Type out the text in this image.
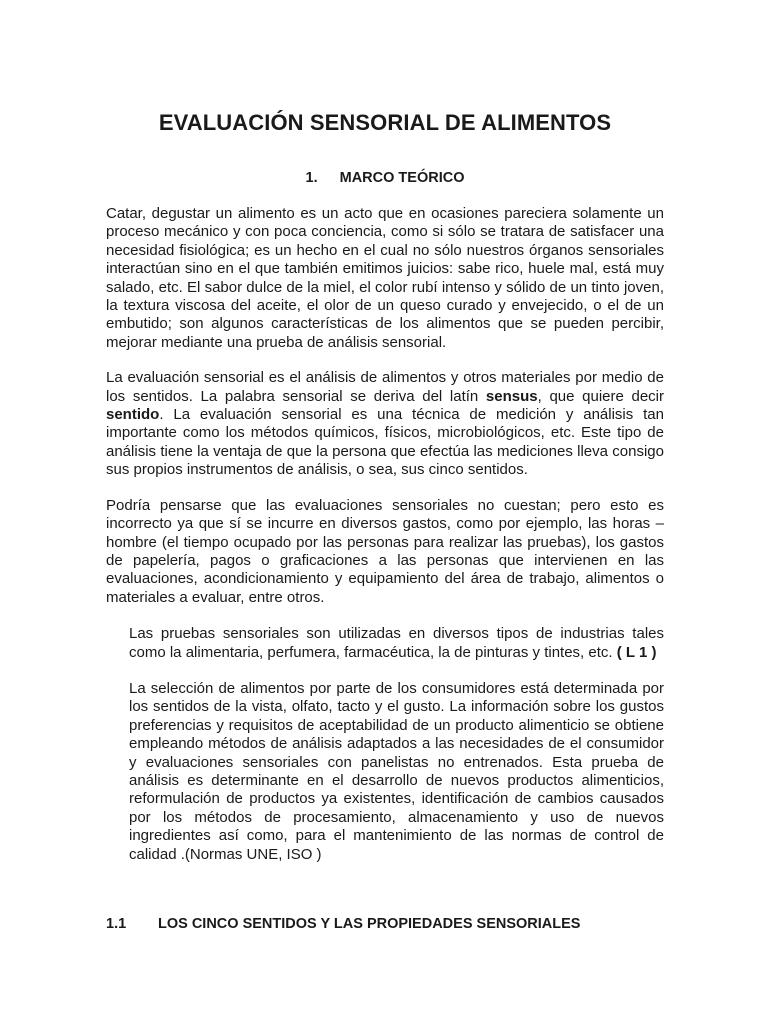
EVALUACIÓN SENSORIAL DE ALIMENTOS
1. MARCO TEÓRICO

Catar, degustar un alimento es un acto que en ocasiones pareciera solamente un proceso mecánico y con poca conciencia, como si sólo se tratara de satisfacer una necesidad fisiológica; es un hecho en el cual no sólo nuestros órganos sensoriales interactúan sino en el que también emitimos juicios: sabe rico, huele mal, está muy salado, etc. El sabor dulce de la miel, el color rubí intenso y sólido de un tinto joven, la textura viscosa del aceite, el olor de un queso curado y envejecido, o el de un embutido; son algunos características de los alimentos que se pueden percibir, mejorar mediante una prueba de análisis sensorial.

La evaluación sensorial es el análisis de alimentos y otros materiales por medio de los sentidos. La palabra sensorial se deriva del latín sensus, que quiere decir sentido. La evaluación sensorial es una técnica de medición y análisis tan importante como los métodos químicos, físicos, microbiológicos, etc. Este tipo de análisis tiene la ventaja de que la persona que efectúa las mediciones lleva consigo sus propios instrumentos de análisis, o sea, sus cinco sentidos.

Podría pensarse que las evaluaciones sensoriales no cuestan; pero esto es incorrecto ya que sí se incurre en diversos gastos, como por ejemplo, las horas – hombre (el tiempo ocupado por las personas para realizar las pruebas), los gastos de papelería, pagos o graficaciones a las personas que intervienen en las evaluaciones, acondicionamiento y equipamiento del área de trabajo, alimentos o materiales a evaluar, entre otros.

Las pruebas sensoriales son utilizadas en diversos tipos de industrias tales como la alimentaria, perfumera, farmacéutica, la de pinturas y tintes, etc. ( L 1 )

La selección de alimentos por parte de los consumidores está determinada por los sentidos de la vista, olfato, tacto y el gusto. La información sobre los gustos preferencias y requisitos de aceptabilidad de un producto alimenticio se obtiene empleando métodos de análisis adaptados a las necesidades de el consumidor y evaluaciones sensoriales con panelistas no entrenados. Esta prueba de análisis es determinante en el desarrollo de nuevos productos alimenticios, reformulación de productos ya existentes, identificación de cambios causados por los métodos de procesamiento, almacenamiento y uso de nuevos ingredientes así como, para el mantenimiento de las normas de control de calidad .(Normas UNE, ISO )

1.1 LOS CINCO SENTIDOS Y LAS PROPIEDADES SENSORIALES
